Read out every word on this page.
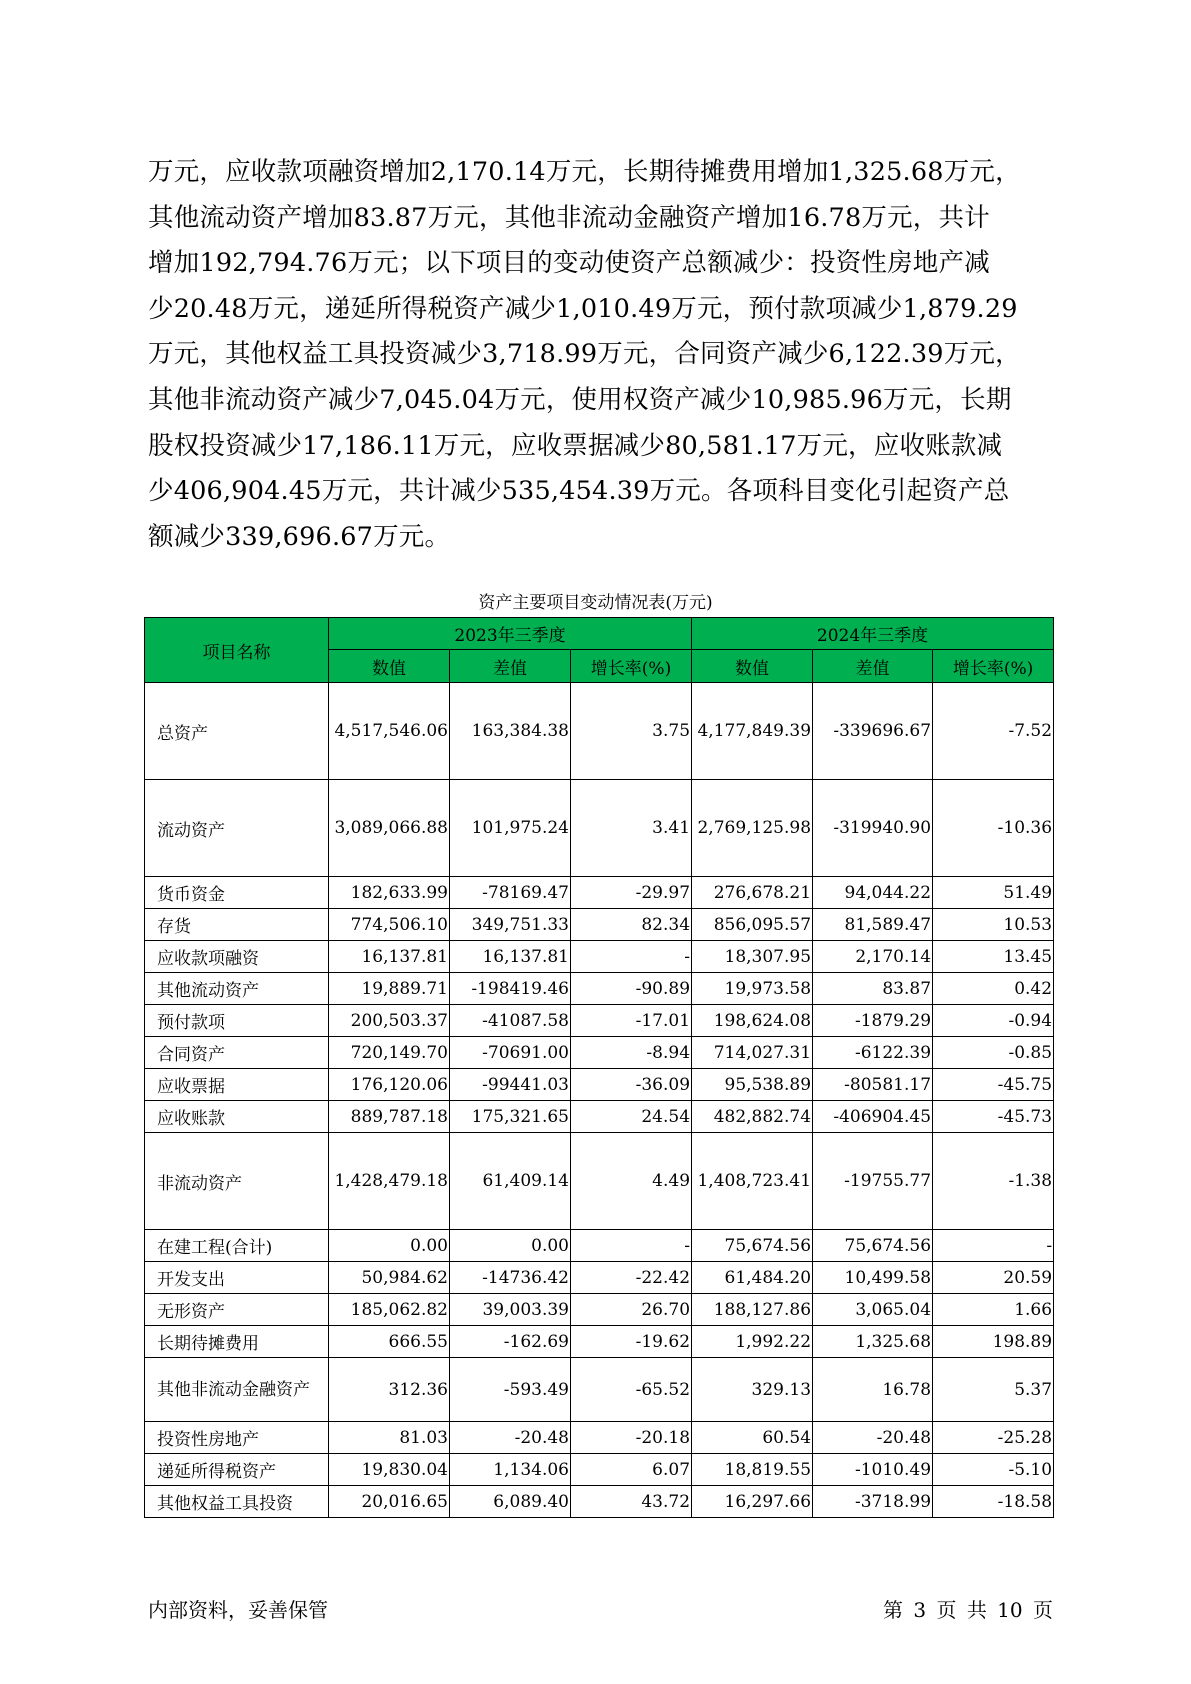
万元，应收款项融资增加2,170.14万元，长期待摊费用增加1,325.68万元，

其他流动资产增加83.87万元，其他非流动金融资产增加16.78万元，共计

增加192,794.76万元；以下项目的变动使资产总额减少：投资性房地产减

少20.48万元，递延所得税资产减少1,010.49万元，预付款项减少1,879.29

万元，其他权益工具投资减少3,718.99万元，合同资产减少6,122.39万元，

其他非流动资产减少7,045.04万元，使用权资产减少10,985.96万元，长期

股权投资减少17,186.11万元，应收票据减少80,581.17万元，应收账款减

少406,904.45万元，共计减少535,454.39万元。各项科目变化引起资产总

额减少339,696.67万元。

资产主要项目变动情况表(万元)
项目名称	2023年三季度			2024年三季度		
	数值	差值	增长率(%)	数值	差值	增长率(%)
总资产	4,517,546.06	163,384.38	3.75	4,177,849.39	-339696.67	-7.52
流动资产	3,089,066.88	101,975.24	3.41	2,769,125.98	-319940.90	-10.36
货币资金	182,633.99	-78169.47	-29.97	276,678.21	94,044.22	51.49
存货	774,506.10	349,751.33	82.34	856,095.57	81,589.47	10.53
应收款项融资	16,137.81	16,137.81	-	18,307.95	2,170.14	13.45
其他流动资产	19,889.71	-198419.46	-90.89	19,973.58	83.87	0.42
预付款项	200,503.37	-41087.58	-17.01	198,624.08	-1879.29	-0.94
合同资产	720,149.70	-70691.00	-8.94	714,027.31	-6122.39	-0.85
应收票据	176,120.06	-99441.03	-36.09	95,538.89	-80581.17	-45.75
应收账款	889,787.18	175,321.65	24.54	482,882.74	-406904.45	-45.73
非流动资产	1,428,479.18	61,409.14	4.49	1,408,723.41	-19755.77	-1.38
在建工程(合计)	0.00	0.00	-	75,674.56	75,674.56	-
开发支出	50,984.62	-14736.42	-22.42	61,484.20	10,499.58	20.59
无形资产	185,062.82	39,003.39	26.70	188,127.86	3,065.04	1.66
长期待摊费用	666.55	-162.69	-19.62	1,992.22	1,325.68	198.89
其他非流动金融资产	312.36	-593.49	-65.52	329.13	16.78	5.37
投资性房地产	81.03	-20.48	-20.18	60.54	-20.48	-25.28
递延所得税资产	19,830.04	1,134.06	6.07	18,819.55	-1010.49	-5.10
其他权益工具投资	20,016.65	6,089.40	43.72	16,297.66	-3718.99	-18.58
内部资料，妥善保管	第 3 页 共 10 页
